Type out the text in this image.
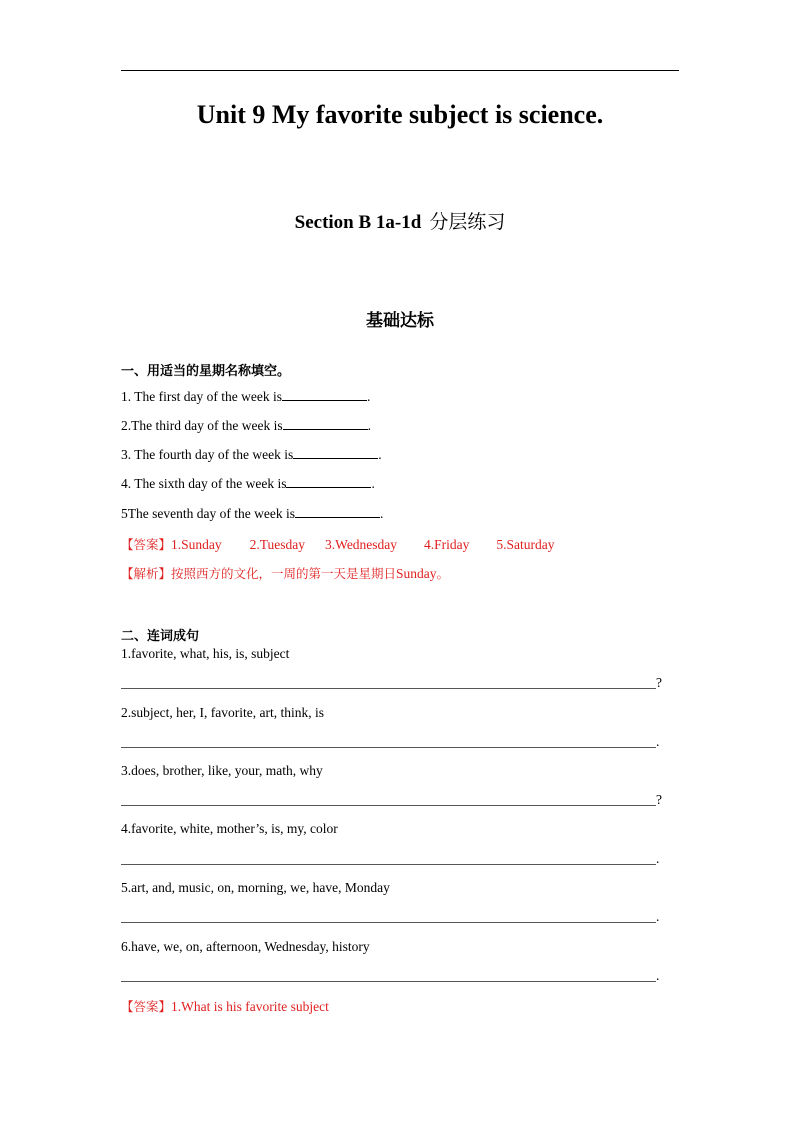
Unit 9 My favorite subject is science.
Section B 1a-1d 分层练习
基础达标
一、用适当的星期名称填空。
1. The first day of the week is	.
2.The third day of the week is	.
3. The fourth day of the week is	.
4. The sixth day of the week is	.
5The seventh day of the week is	.
【答案】1.Sunday 2.Tuesday 3.Wednesday 4.Friday 5.Saturday
【解析】按照西方的文化，一周的第一天是星期日Sunday。
二、连词成句
1.favorite, what, his, is, subject
?
2.subject, her, I, favorite, art, think, is
.
3.does, brother, like, your, math, why
?
4.favorite, white, mother’s, is, my, color
.
5.art, and, music, on, morning, we, have, Monday
.
6.have, we, on, afternoon, Wednesday, history
.
【答案】1.What is his favorite subject
